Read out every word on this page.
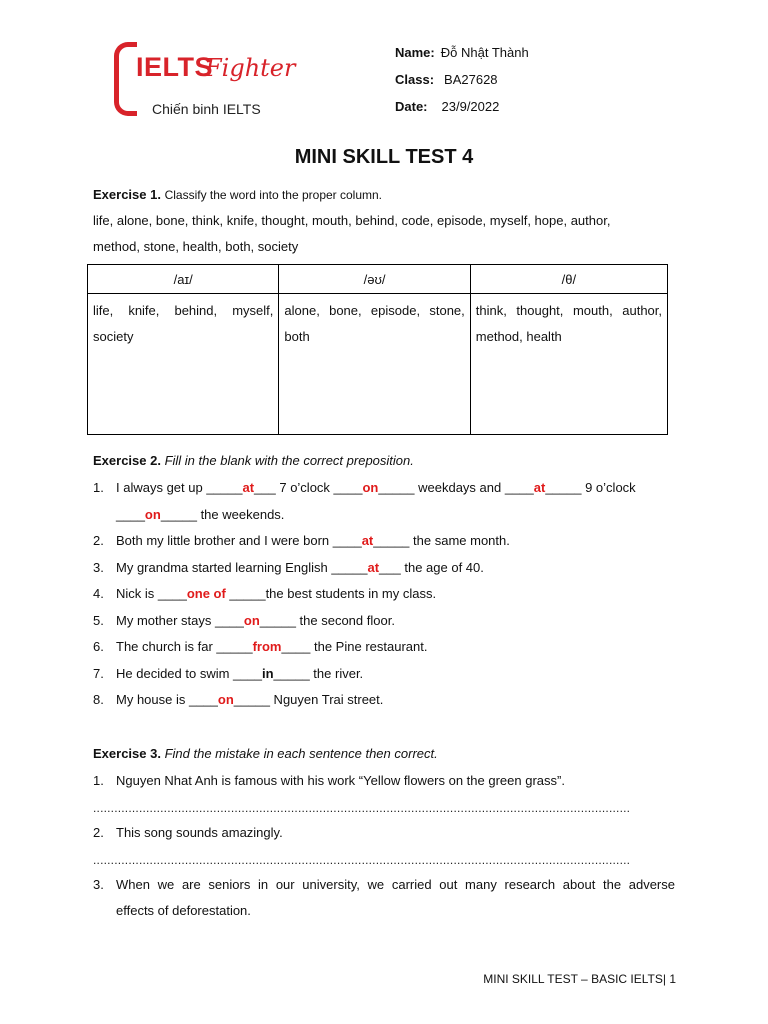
IELTS
Fighter
Chiến binh IELTS
Name: Đỗ Nhật Thành
Class: BA27628
Date: 23/9/2022
MINI SKILL TEST 4
Exercise 1. Classify the word into the proper column.
life, alone, bone, think, knife, thought, mouth, behind, code, episode, myself, hope, author,
method, stone, health, both, society
/aɪ/	/əʊ/	/θ/
life, knife, behind, myself, society	alone, bone, episode, stone, both	think, thought, mouth, author, method, health
Exercise 2. Fill in the blank with the correct preposition.
1. I always get up _____at___ 7 o’clock ____on_____ weekdays and ____at_____ 9 o’clock
____on_____ the weekends.
2. Both my little brother and I were born ____at_____ the same month.
3. My grandma started learning English _____at___ the age of 40.
4. Nick is ____one of _____the best students in my class.
5. My mother stays ____on_____ the second floor.
6. The church is far _____from____ the Pine restaurant.
7. He decided to swim ____in_____ the river.
8. My house is ____on_____ Nguyen Trai street.
Exercise 3. Find the mistake in each sentence then correct.
1. Nguyen Nhat Anh is famous with his work “Yellow flowers on the green grass”.
........................................................................................................................................................
2. This song sounds amazingly.
........................................................................................................................................................
3. When we are seniors in our university, we carried out many research about the adverse
effects of deforestation.
MINI SKILL TEST – BASIC IELTS| 1
